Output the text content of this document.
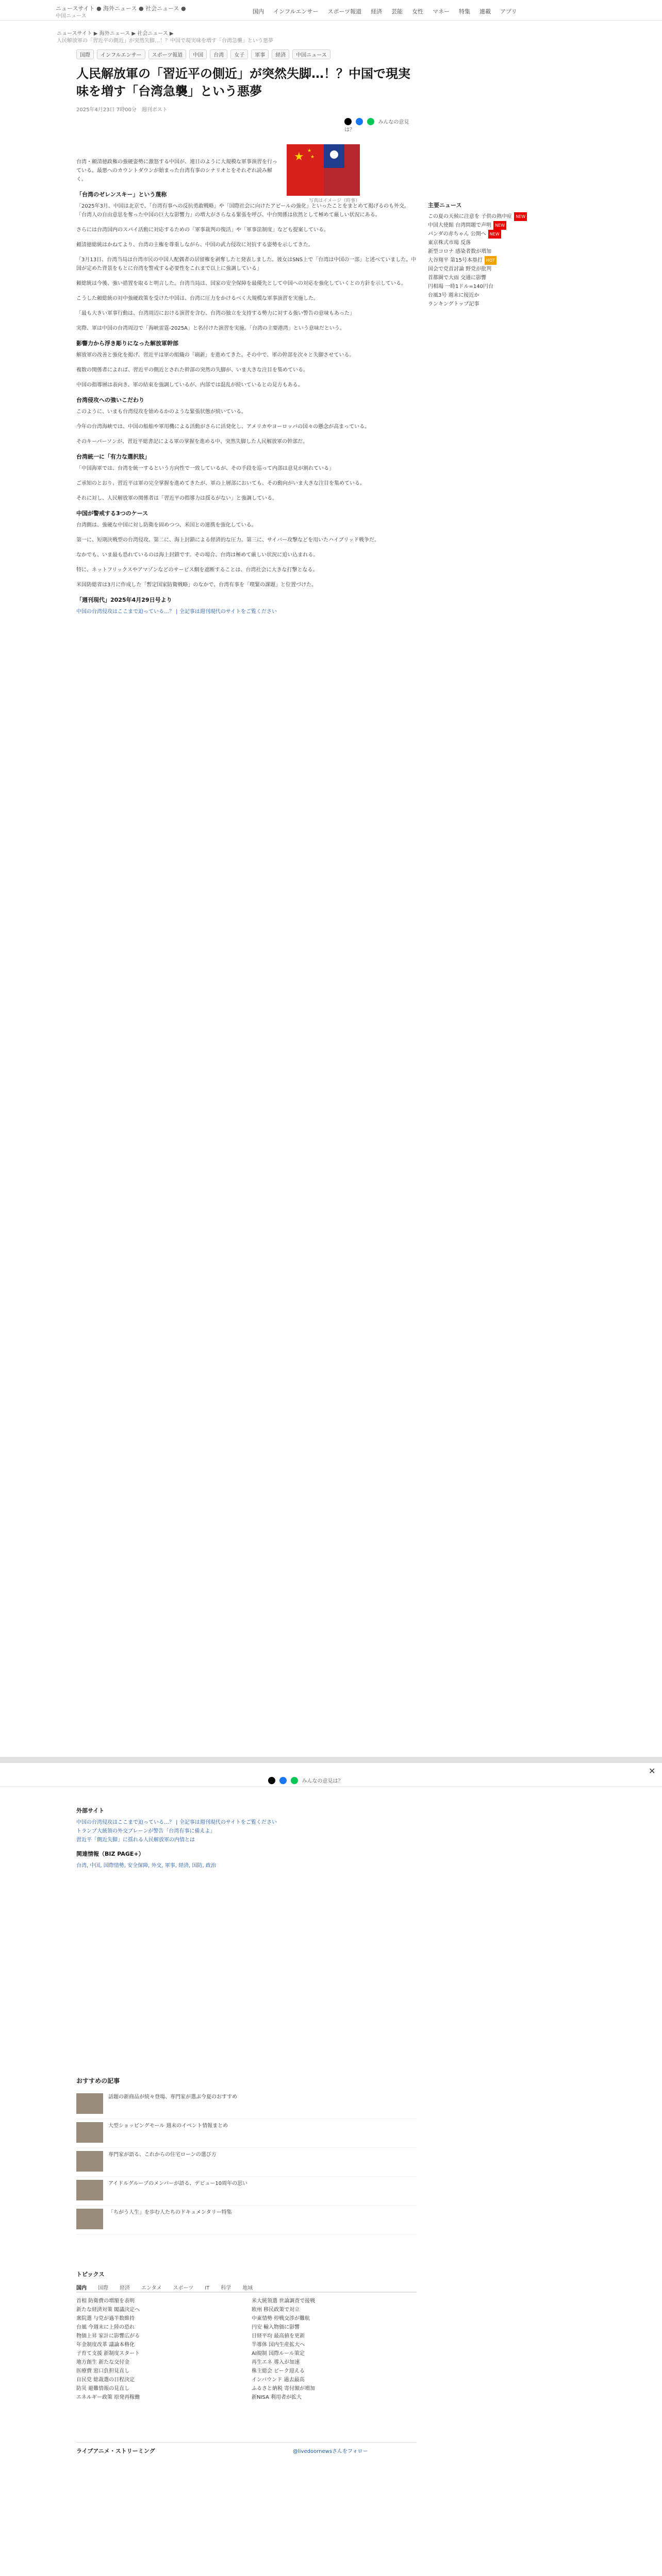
ニュースサイト ● 海外ニュース ● 社会ニュース ●
中国ニュース
国内 インフルエンサー スポーツ報道 経済 芸能 女性 マネー 特集 連載 アプリ
ニュースサイト ▶ 海外ニュース ▶ 社会ニュース ▶
人民解放軍の「習近平の側近」が突然失脚…！？中国で現実味を増す「台湾急襲」という悪夢
国際 インフルエンサー スポーツ報道 中国 台湾 女子 軍事 経済 中国ニュース
人民解放軍の「習近平の側近」が突然失脚…！？中国で現実味を増す「台湾急襲」という悪夢
2025年4月23日 7時00分　週刊ポスト
みんなの意見は？
★ ★
★
写真はイメージ（時事）
台湾・頼清徳政権の強硬姿勢に激怒する中国が、連日のように大規模な軍事演習を行っている。最悪へのカウントダウンが始まった台湾有事のシナリオとをそれぞれ読み解く。
「台湾のゼレンスキー」という蔑称
「2025年3月、中国は北京で、「台湾有事への反抗勇敢戦略」や「国際社会に向けたアピールの強化」といったことをまとめて掲げるのも外交。「台湾人の自由意思を奪った中国の巨大な影響力」の増大がさらなる緊張を呼び、中台関係は依然として極めて厳しい状況にある。
さらには台湾国内のスパイ活動に対応するための「軍事裁判の復活」や「軍事法制度」なども提案している。
頼清徳総統はかねてより、台湾の主権を尊重しながら、中国の武力侵攻に対抗する姿勢を示してきた。
「3月13日、台湾当局は台湾市民の中国人配偶者の居留権を剥奪したと発表しました。彼女はSNS上で「台湾は中国の一部」と述べていました。中国が定めた背景をもとに台湾を警戒する必要性をこれまで以上に強調している」
頼総統は今後、強い措置を取ると明言した。台湾当局は、国家の安全保障を最優先として中国への対応を強化していくとの方針を示している。
こうした頼総統の対中強硬政策を受けた中国は、台湾に圧力をかけるべく大規模な軍事演習を実施した。
「最も大きい軍事行動は、台湾周辺における演習を含む、台湾の独立を支持する勢力に対する強い警告の意味もあった」
実際、軍は中国の台湾周辺で「海峡雷霆-2025A」と名付けた演習を実施。「台湾の主要港湾」という意味だという。
影響力から浮き彫りになった解放軍幹部
解放軍の改善と強化を掲げ、習近平は軍の組織の「刷新」を進めてきた。その中で、軍の幹部を次々と失脚させている。
複数の関係者によれば、習近平の側近とされた幹部の突然の失脚が、いま大きな注目を集めている。
中国の指導層は表向き、軍の結束を強調しているが、内部では混乱が続いているとの見方もある。
台湾侵攻への強いこだわり
このように、いまも台湾侵攻を始めるかのような緊張状態が続いている。
今年の台湾海峡では、中国の船舶や軍用機による活動がさらに活発化し、アメリカやヨーロッパの国々の懸念が高まっている。
そのキーパーソンが、習近平総書記による軍の掌握を進める中、突然失脚した人民解放軍の幹部だ。
台湾統一に「有力な選択肢」
「中国海軍では、台湾を統一するという方向性で一致しているが、その手段を巡って内部は意見が割れている」
ご承知のとおり、習近平は軍の完全掌握を進めてきたが、軍の上層部においても、その動向がいま大きな注目を集めている。
それに対し、人民解放軍の関係者は「習近平の指導力は揺るがない」と強調している。
中国が警戒する3つのケース
台湾側は、強硬な中国に対し防衛を固めつつ、米国との連携を強化している。
第一に、短期決戦型の台湾侵攻。第二に、海上封鎖による経済的な圧力。第三に、サイバー攻撃などを用いたハイブリッド戦争だ。
なかでも、いま最も恐れているのは海上封鎖です。その場合、台湾は極めて厳しい状況に追い込まれる。
特に、ネットフリックスやアマゾンなどのサービス網を遮断することは、台湾社会に大きな打撃となる。
米国防総省は3月に作成した「暫定国家防衛戦略」のなかで、台湾有事を「喫緊の課題」と位置づけた。
「週刊現代」2025年4月29日号より
中国の台湾侵攻はここまで迫っている…？ | 全記事は週刊現代のサイトをご覧ください
主要ニュース
この夏の天候に注意を 子供の熱中症 NEW
中国大使館 台湾問題で声明 NEW
パンダの赤ちゃん 公開へ NEW
東京株式市場 反落
新型コロナ 感染者数が増加
大谷翔平 第15号本塁打 HOT
国会で党首討論 野党が批判
首都圏で大雨 交通に影響
円相場 一時1ドル=140円台
台風3号 週末に接近か
ランキングトップ記事
✕
みんなの意見は？
外部サイト
中国の台湾侵攻はここまで迫っている…？ | 全記事は週刊現代のサイトをご覧ください
トランプ大統領の外交ブレーンが警告「台湾有事に備えよ」
習近平「側近失脚」に揺れる人民解放軍の内情とは
関連情報（BIZ PAGE+）
台湾, 中国, 国際情勢, 安全保障, 外交, 軍事, 経済, 国防, 政治
おすすめの記事
話題の新商品が続々登場、専門家が選ぶ今夏のおすすめ
大型ショッピングモール 週末のイベント情報まとめ
専門家が語る、これからの住宅ローンの選び方
アイドルグループのメンバーが語る、デビュー10周年の思い
「ちがう人生」を歩む人たちのドキュメンタリー特集
トピックス
国内 国際 経済 エンタメ スポーツ IT 科学 地域
首相 防衛費の増額を表明
新たな経済対策 閣議決定へ
衆院選 与党が過半数維持
台風 今週末に上陸の恐れ
物価上昇 家計に影響広がる
年金制度改革 議論本格化
子育て支援 新制度スタート
地方創生 新たな交付金
医療費 窓口負担見直し
自民党 総裁選の日程決定
防災 避難情報の見直し
エネルギー政策 原発再稼働
米大統領選 世論調査で接戦
欧州 移民政策で対立
中東情勢 停戦交渉が難航
円安 輸入物価に影響
日経平均 最高値を更新
半導体 国内生産拡大へ
AI規制 国際ルール策定
再生エネ 導入が加速
株主総会 ピーク迎える
インバウンド 過去最高
ふるさと納税 寄付額が増加
新NISA 利用者が拡大
ライブアニメ・ストリーミング	@livedoornewsさんをフォロー
